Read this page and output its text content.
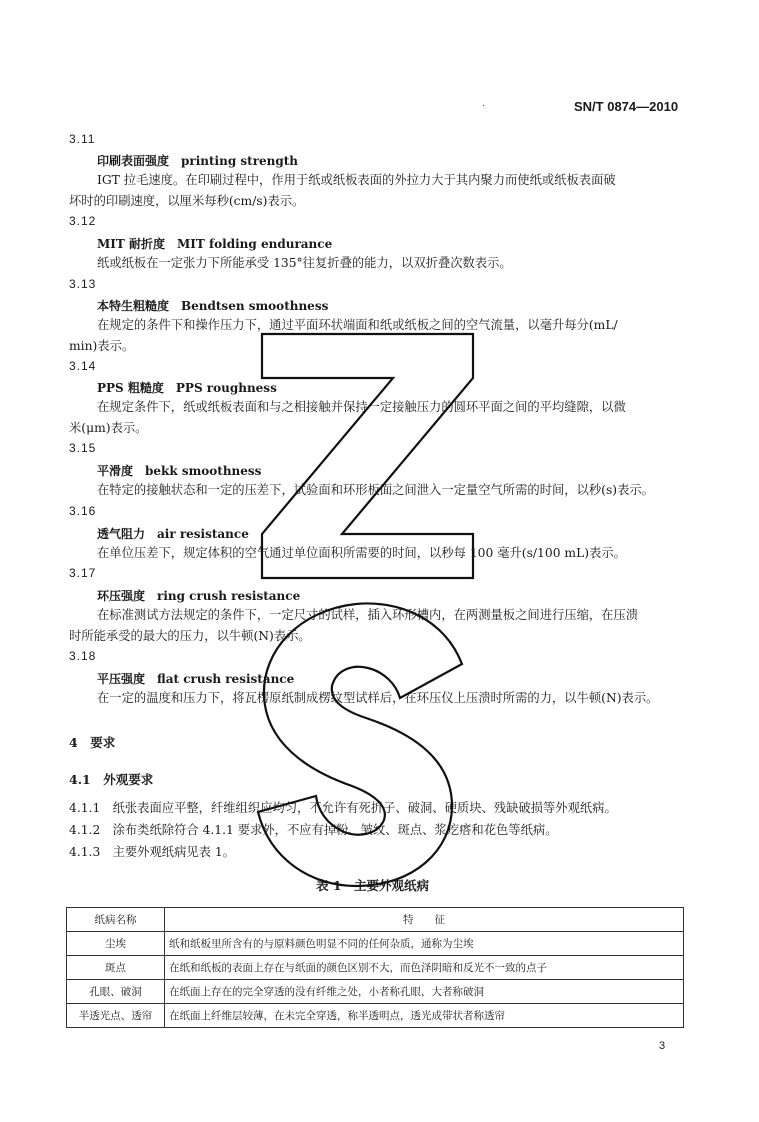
SN/T 0874—2010
.
3.11
印刷表面强度　printing strength
IGT 拉毛速度。在印刷过程中，作用于纸或纸板表面的外拉力大于其内聚力而使纸或纸板表面破
坏时的印刷速度，以厘米每秒(cm/s)表示。
3.12
MIT 耐折度　MIT folding endurance
纸或纸板在一定张力下所能承受 135°往复折叠的能力，以双折叠次数表示。
3.13
本特生粗糙度　Bendtsen smoothness
在规定的条件下和操作压力下，通过平面环状端面和纸或纸板之间的空气流量，以毫升每分(mL/
min)表示。
3.14
PPS 粗糙度　PPS roughness
在规定条件下，纸或纸板表面和与之相接触并保持一定接触压力的圆环平面之间的平均缝隙，以微
米(μm)表示。
3.15
平滑度　bekk smoothness
在特定的接触状态和一定的压差下，试验面和环形板面之间泄入一定量空气所需的时间，以秒(s)表示。
3.16
透气阻力　air resistance
在单位压差下，规定体积的空气通过单位面积所需要的时间，以秒每 100 毫升(s/100 mL)表示。
3.17
环压强度　ring crush resistance
在标准测试方法规定的条件下，一定尺寸的试样，插入环形槽内，在两测量板之间进行压缩，在压溃
时所能承受的最大的压力，以牛顿(N)表示。
3.18
平压强度　flat crush resistance
在一定的温度和压力下，将瓦楞原纸制成楞纹型试样后，在环压仪上压溃时所需的力，以牛顿(N)表示。
4　要求
4.1　外观要求
4.1.1　纸张表面应平整，纤维组织应均匀，不允许有死折子、破洞、硬质块、残缺破损等外观纸病。
4.1.2　涂布类纸除符合 4.1.1 要求外，不应有掉粉、皱纹、斑点、浆疙瘩和花色等纸病。
4.1.3　主要外观纸病见表 1。
表 1　主要外观纸病
纸病名称	特　　征
尘埃	纸和纸板里所含有的与原料颜色明显不同的任何杂质，通称为尘埃
斑点	在纸和纸板的表面上存在与纸面的颜色区别不大，而色泽阴暗和反光不一致的点子
孔眼、破洞	在纸面上存在的完全穿透的没有纤维之处，小者称孔眼，大者称破洞
半透光点、透帘	在纸面上纤维层较薄，在未完全穿透，称半透明点，透光成带状者称透帘
3
